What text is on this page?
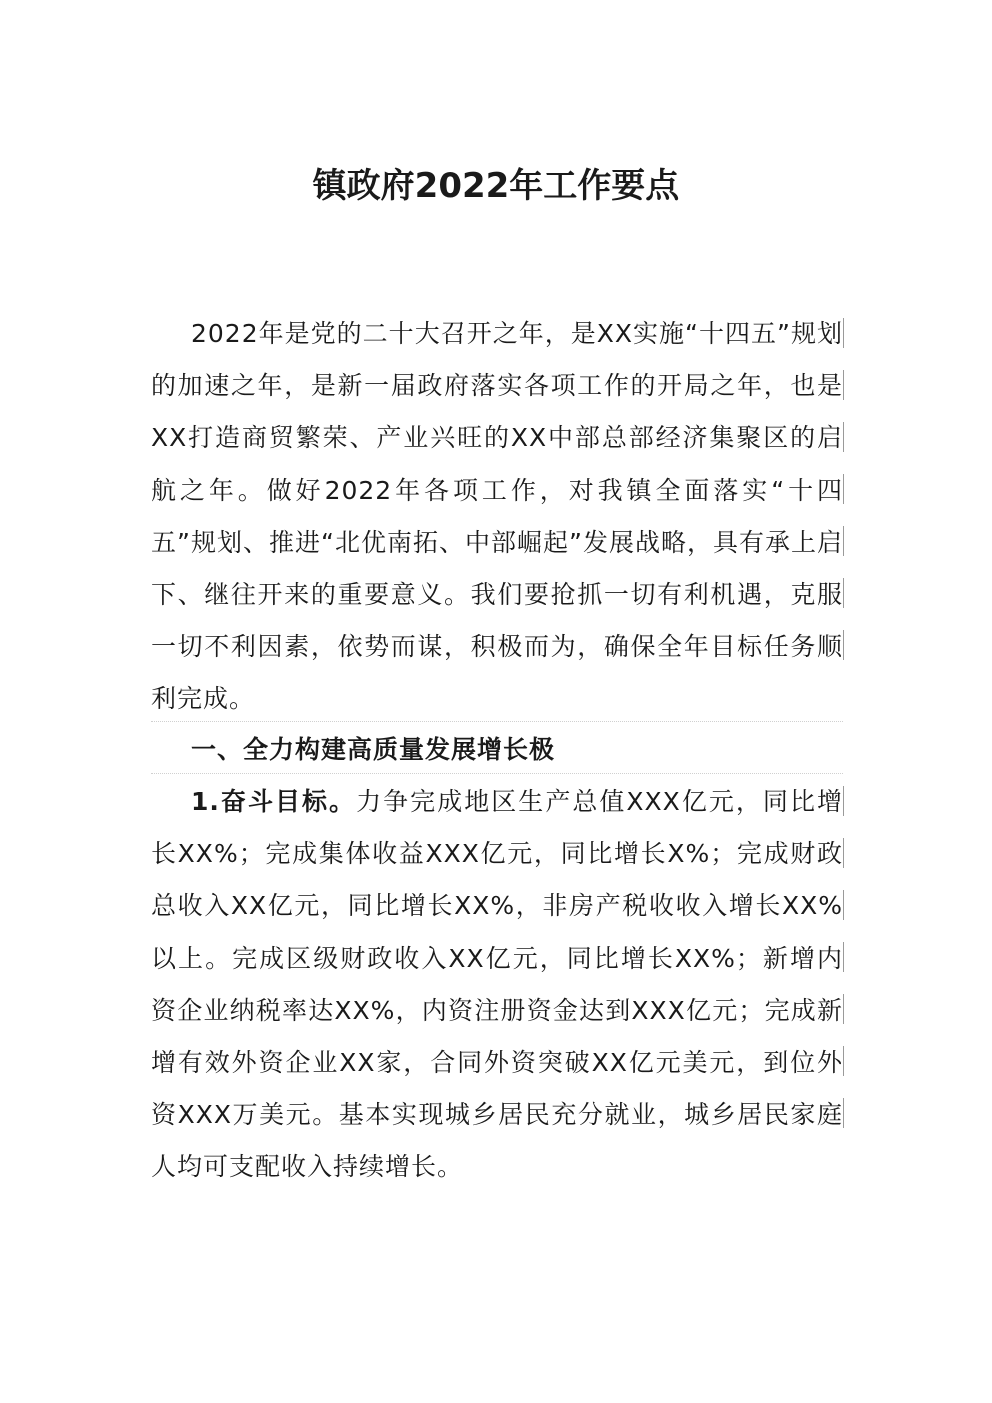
镇政府2022年工作要点

2022年是党的二十大召开之年，是XX实施“十四五”规划的加速之年，是新一届政府落实各项工作的开局之年，也是XX打造商贸繁荣、产业兴旺的XX中部总部经济集聚区的启航之年。做好2022年各项工作，对我镇全面落实“十四五”规划、推进“北优南拓、中部崛起”发展战略，具有承上启下、继往开来的重要意义。我们要抢抓一切有利机遇，克服一切不利因素，依势而谋，积极而为，确保全年目标任务顺利完成。

一、全力构建高质量发展增长极

1.奋斗目标。力争完成地区生产总值XXX亿元，同比增长XX%；完成集体收益XXX亿元，同比增长X%；完成财政总收入XX亿元，同比增长XX%，非房产税收收入增长XX%以上。完成区级财政收入XX亿元，同比增长XX%；新增内资企业纳税率达XX%，内资注册资金达到XXX亿元；完成新增有效外资企业XX家，合同外资突破XX亿元美元，到位外资XXX万美元。基本实现城乡居民充分就业，城乡居民家庭人均可支配收入持续增长。
